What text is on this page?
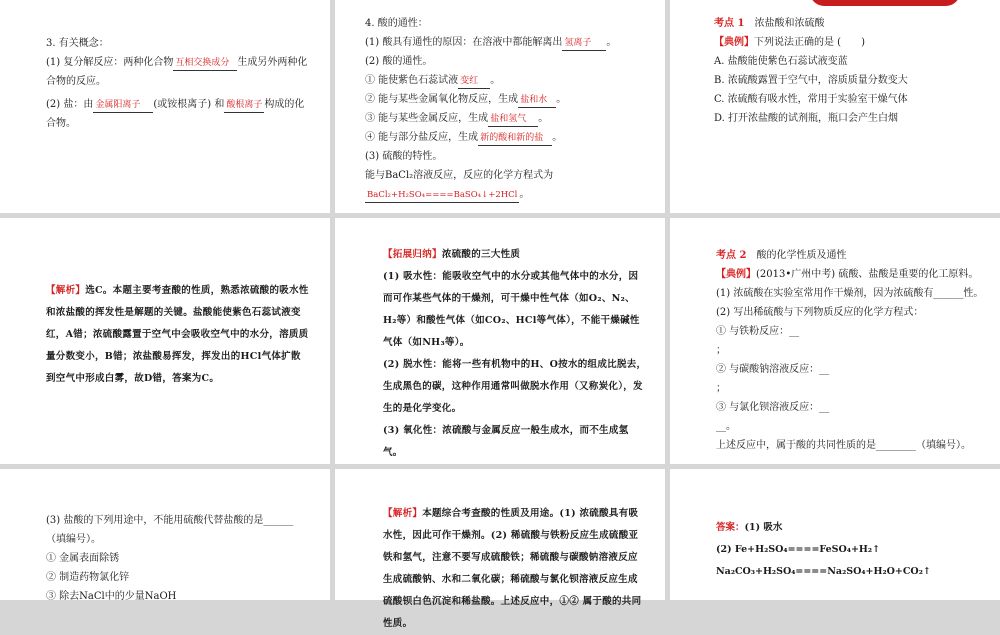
3. 有关概念：
(1) 复分解反应：两种化合物 互相交换成分 生成另外两种化
合物的反应。
(2) 盐：由 金属阳离子 (或铵根离子) 和 酸根离子 构成的化
合物。
4. 酸的通性：
(1) 酸具有通性的原因：在溶液中都能解离出 氢离子 。
(2) 酸的通性。
① 能使紫色石蕊试液 变红 。
② 能与某些金属氧化物反应，生成 盐和水 。
③ 能与某些金属反应，生成 盐和氢气 。
④ 能与部分盐反应，生成 新的酸和新的盐 。
(3) 硫酸的特性。
能与BaCl₂溶液反应，反应的化学方程式为
BaCl₂+H₂SO₄====BaSO₄↓+2HCl 。
考点 1　 浓盐酸和浓硫酸
【典例】下列说法正确的是 (　　)
A. 盐酸能使紫色石蕊试液变蓝
B. 浓硫酸露置于空气中，溶质质量分数变大
C. 浓硫酸有吸水性，常用于实验室干燥气体
D. 打开浓盐酸的试剂瓶，瓶口会产生白烟
【解析】选C。本题主要考查酸的性质，熟悉浓硫酸的吸水性和浓盐酸的挥发性是解题的关键。盐酸能使紫色石蕊试液变红，A错；浓硫酸露置于空气中会吸收空气中的水分，溶质质量分数变小，B错；浓盐酸易挥发，挥发出的HCl气体扩散到空气中形成白雾，故D错，答案为C。
【拓展归纳】浓硫酸的三大性质
(1) 吸水性：能吸收空气中的水分或其他气体中的水分，因而可作某些气体的干燥剂，可干燥中性气体（如O₂、N₂、H₂等）和酸性气体（如CO₂、HCl等气体），不能干燥碱性气体（如NH₃等）。
(2) 脱水性：能将一些有机物中的H、O按水的组成比脱去，生成黑色的碳，这种作用通常叫做脱水作用（又称炭化），发生的是化学变化。
(3) 氧化性：浓硫酸与金属反应一般生成水，而不生成氢气。
考点 2　 酸的化学性质及通性
【典例】(2013•广州中考) 硫酸、盐酸是重要的化工原料。
(1) 浓硫酸在实验室常用作干燥剂，因为浓硫酸有______性。
(2) 写出稀硫酸与下列物质反应的化学方程式：
① 与铁粉反应：__
；
② 与碳酸钠溶液反应：__
；
③ 与氯化钡溶液反应：__
__。
上述反应中，属于酸的共同性质的是________（填编号）。
(3) 盐酸的下列用途中，不能用硫酸代替盐酸的是______
（填编号）。
① 金属表面除锈
② 制造药物氯化锌
③ 除去NaCl中的少量NaOH
【解析】本题综合考查酸的性质及用途。(1) 浓硫酸具有吸水性，因此可作干燥剂。(2) 稀硫酸与铁粉反应生成硫酸亚铁和氢气，注意不要写成硫酸铁；稀硫酸与碳酸钠溶液反应生成硫酸钠、水和二氧化碳；稀硫酸与氯化钡溶液反应生成硫酸钡白色沉淀和稀盐酸。上述反应中，①② 属于酸的共同性质。
答案：(1) 吸水
(2) Fe+H₂SO₄====FeSO₄+H₂↑
Na₂CO₃+H₂SO₄====Na₂SO₄+H₂O+CO₂↑
